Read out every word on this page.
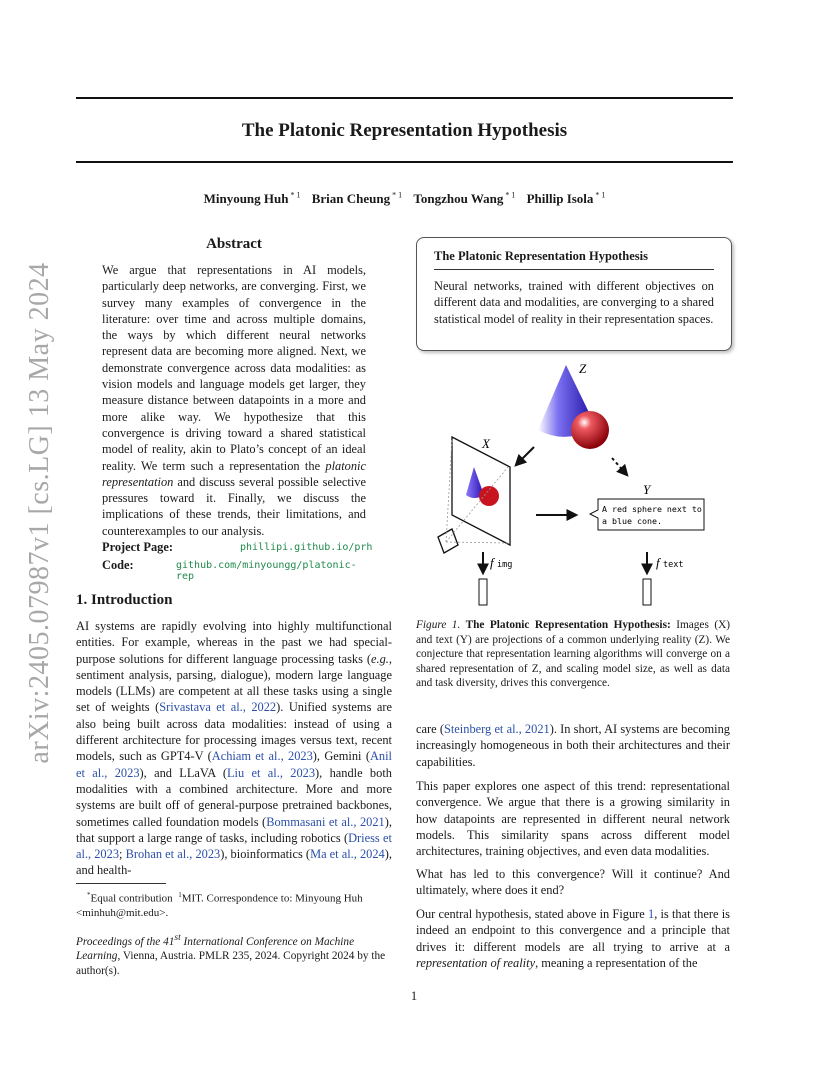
The Platonic Representation Hypothesis
Minyoung Huh $^{* 1}$ Brian Cheung $^{* 1}$ Tongzhou Wang $^{* 1}$ Phillip Isola $^{* 1}$
arXiv:2405.07987v1 [cs.LG] 13 May 2024
Abstract

We argue that representations in AI models, particularly deep networks, are converging. First, we survey many examples of convergence in the literature: over time and across multiple domains, the ways by which different neural networks represent data are becoming more aligned. Next, we demonstrate convergence across data modalities: as vision models and language models get larger, they measure distance between datapoints in a more and more alike way. We hypothesize that this convergence is driving toward a shared statistical model of reality, akin to Plato’s concept of an ideal reality. We term such a representation the platonic representation and discuss several possible selective pressures toward it. Finally, we discuss the implications of these trends, their limitations, and counterexamples to our analysis.

Project Page:	phillipi.github.io/prh
Code:	github.com/minyoungg/platonic-rep
1. Introduction

AI systems are rapidly evolving into highly multifunctional entities. For example, whereas in the past we had special-purpose solutions for different language processing tasks (e.g., sentiment analysis, parsing, dialogue), modern large language models (LLMs) are competent at all these tasks using a single set of weights (Srivastava et al., 2022). Unified systems are also being built across data modalities: instead of using a different architecture for processing images versus text, recent models, such as GPT4-V (Achiam et al., 2023), Gemini (Anil et al., 2023), and LLaVA (Liu et al., 2023), handle both modalities with a combined architecture. More and more systems are built off of general-purpose pretrained backbones, sometimes called foundation models (Bommasani et al., 2021), that support a large range of tasks, including robotics (Driess et al., 2023; Brohan et al., 2023), bioinformatics (Ma et al., 2024), and health-

*Equal contribution $^1$MIT. Correspondence to: Minyoung Huh
<minhuh@mit.edu>.

Proceedings of the 41st International Conference on Machine Learning, Vienna, Austria. PMLR 235, 2024. Copyright 2024 by the author(s).

The Platonic Representation Hypothesis

Neural networks, trained with different objectives on different data and modalities, are converging to a shared statistical model of reality in their representation spaces.

Z
X
Y
A red sphere next to
a blue cone.
f img	f text

Figure 1. The Platonic Representation Hypothesis: Images (X) and text (Y) are projections of a common underlying reality (Z). We conjecture that representation learning algorithms will converge on a shared representation of Z, and scaling model size, as well as data and task diversity, drives this convergence.

care (Steinberg et al., 2021). In short, AI systems are becoming increasingly homogeneous in both their architectures and their capabilities.

This paper explores one aspect of this trend: representational convergence. We argue that there is a growing similarity in how datapoints are represented in different neural network models. This similarity spans across different model architectures, training objectives, and even data modalities.

What has led to this convergence? Will it continue? And ultimately, where does it end?

Our central hypothesis, stated above in Figure 1, is that there is indeed an endpoint to this convergence and a principle that drives it: different models are all trying to arrive at a representation of reality, meaning a representation of the

1
